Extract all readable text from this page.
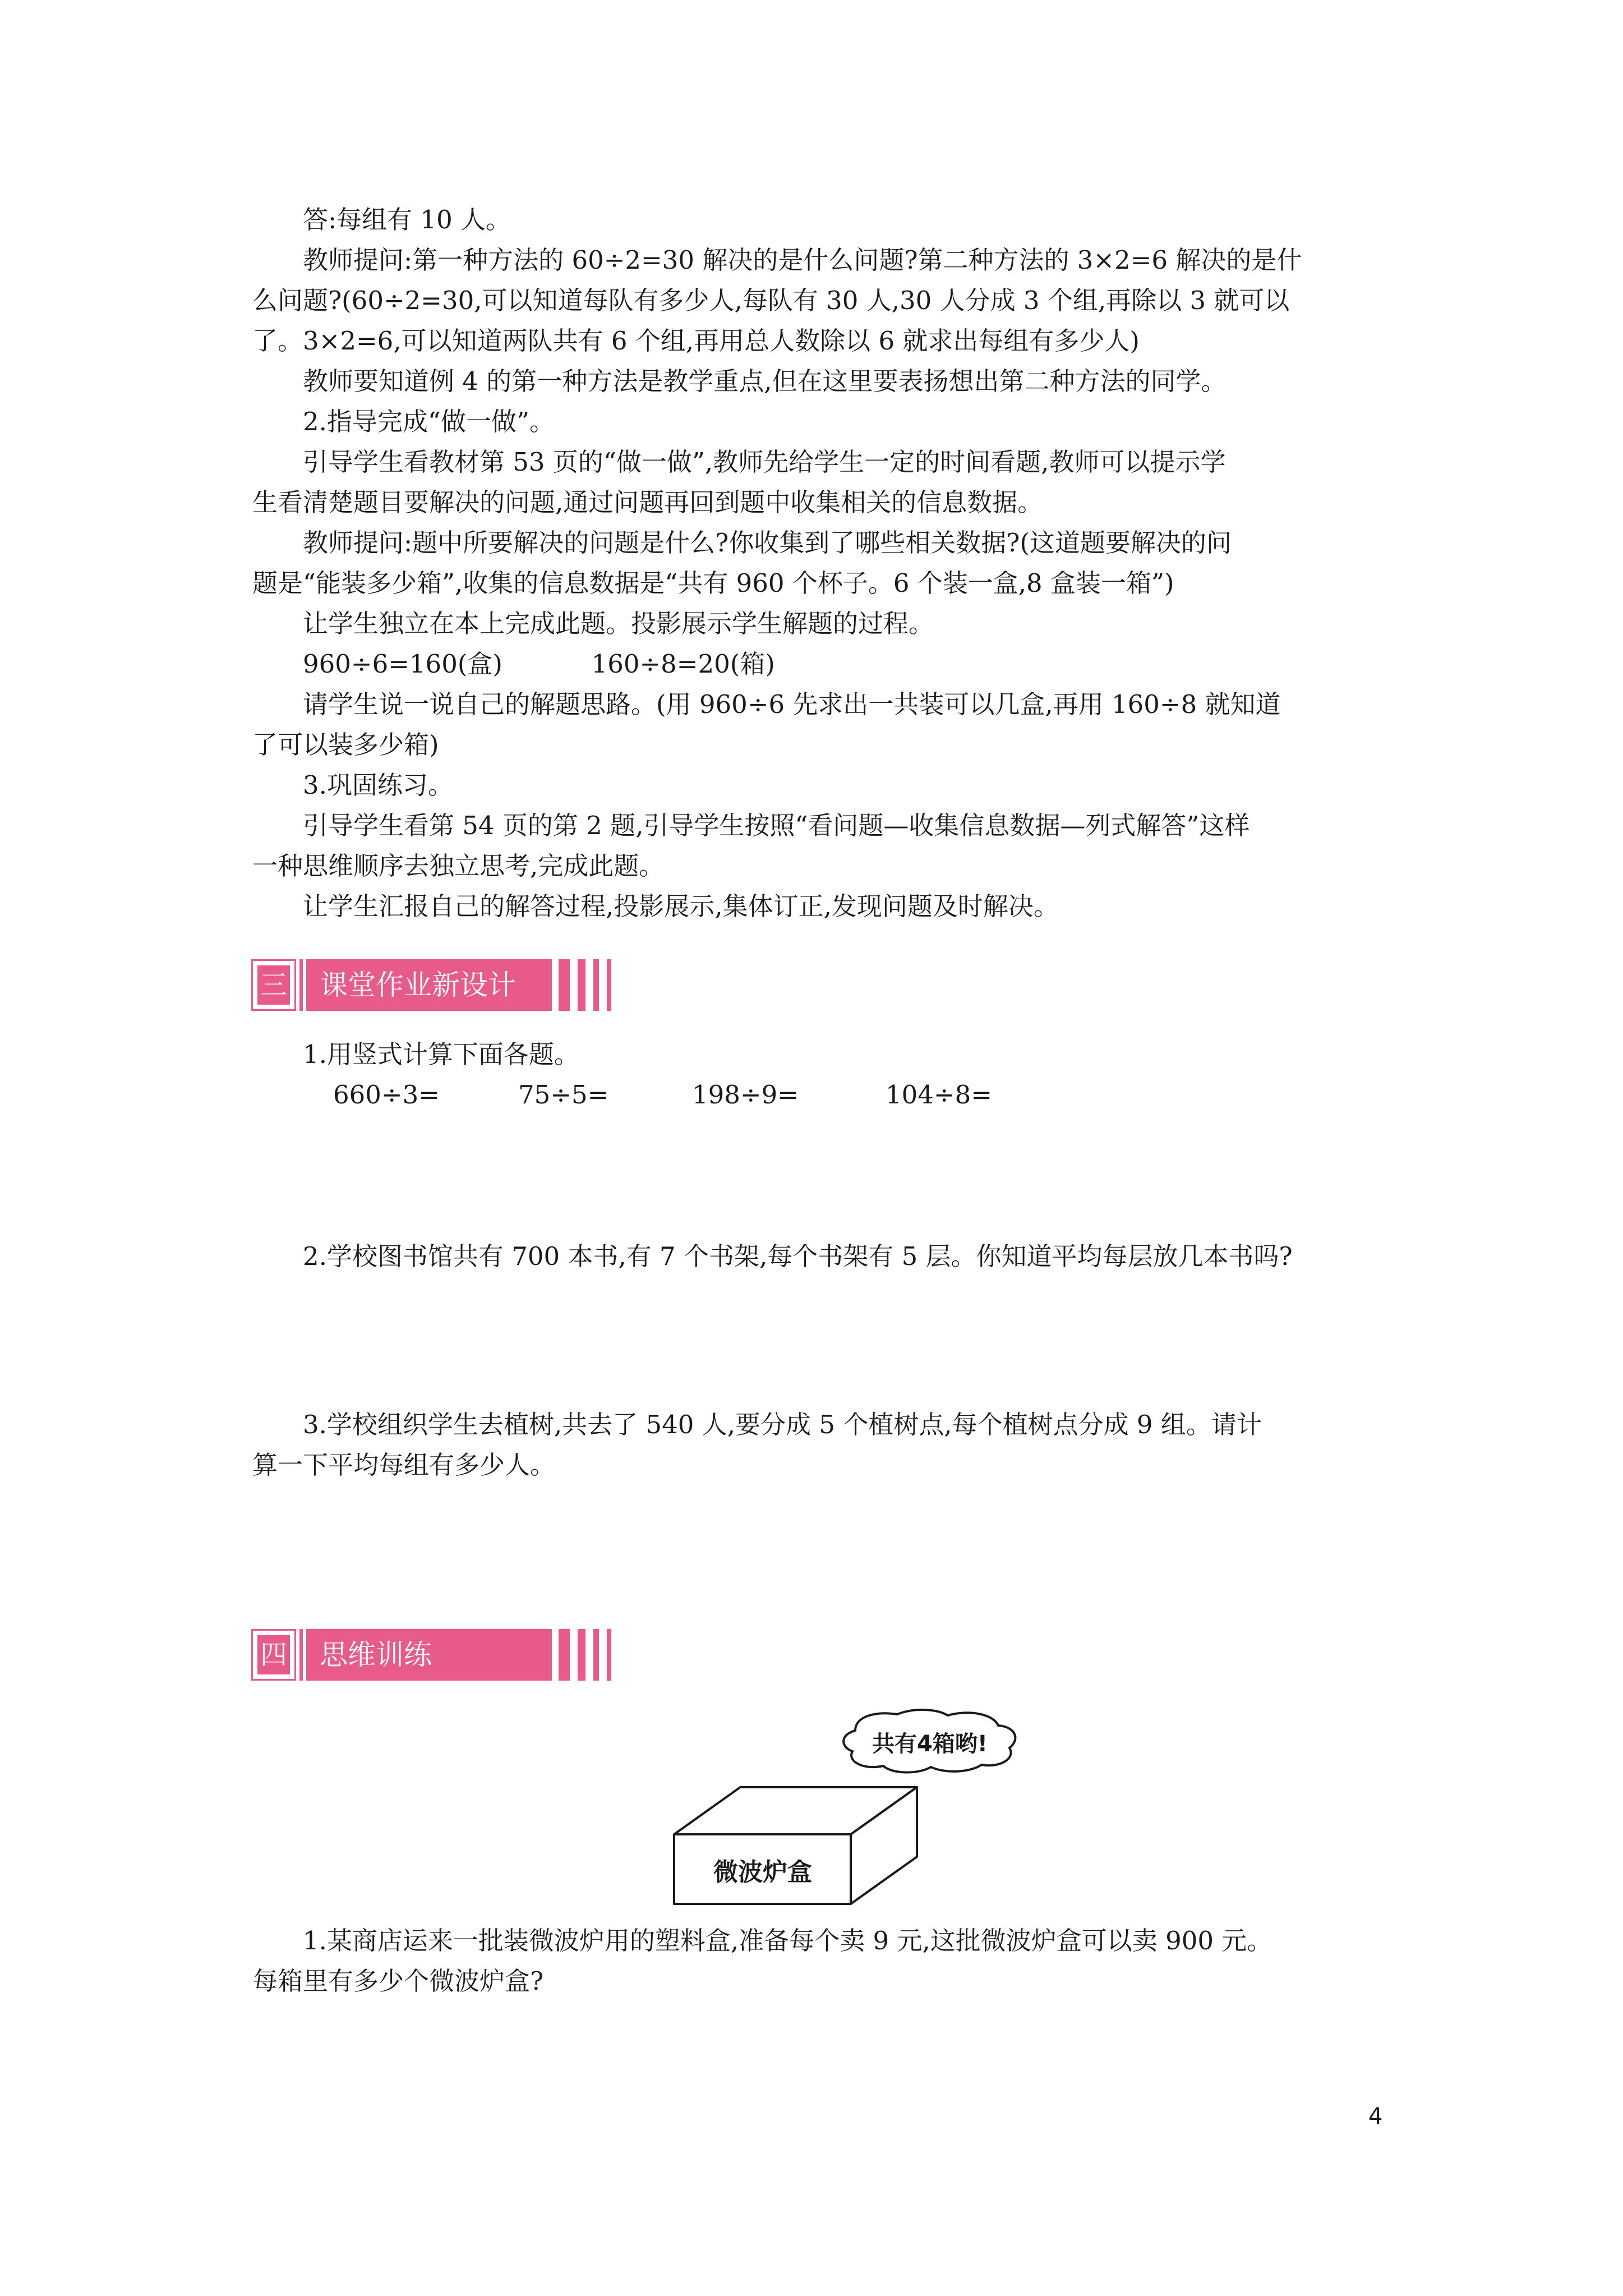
答:每组有 10 人。
教师提问:第一种方法的 60÷2=30 解决的是什么问题?第二种方法的 3×2=6 解决的是什
么问题?(60÷2=30,可以知道每队有多少人,每队有 30 人,30 人分成 3 个组,再除以 3 就可以
了。3×2=6,可以知道两队共有 6 个组,再用总人数除以 6 就求出每组有多少人)
教师要知道例 4 的第一种方法是教学重点,但在这里要表扬想出第二种方法的同学。
2.指导完成“做一做”。
引导学生看教材第 53 页的“做一做”,教师先给学生一定的时间看题,教师可以提示学
生看清楚题目要解决的问题,通过问题再回到题中收集相关的信息数据。
教师提问:题中所要解决的问题是什么?你收集到了哪些相关数据?(这道题要解决的问
题是“能装多少箱”,收集的信息数据是“共有 960 个杯子。6 个装一盒,8 盒装一箱”)
让学生独立在本上完成此题。投影展示学生解题的过程。
960÷6=160(盒)	160÷8=20(箱)
请学生说一说自己的解题思路。(用 960÷6 先求出一共装可以几盒,再用 160÷8 就知道
了可以装多少箱)
3.巩固练习。
引导学生看第 54 页的第 2 题,引导学生按照“看问题—收集信息数据—列式解答”这样
一种思维顺序去独立思考,完成此题。
让学生汇报自己的解答过程,投影展示,集体订正,发现问题及时解决。
三 课堂作业新设计
1.用竖式计算下面各题。
660÷3=	75÷5=	198÷9=	104÷8=
2.学校图书馆共有 700 本书,有 7 个书架,每个书架有 5 层。你知道平均每层放几本书吗?
3.学校组织学生去植树,共去了 540 人,要分成 5 个植树点,每个植树点分成 9 组。请计
算一下平均每组有多少人。
四 思维训练
共有4箱哟!
微波炉盒
1.某商店运来一批装微波炉用的塑料盒,准备每个卖 9 元,这批微波炉盒可以卖 900 元。
每箱里有多少个微波炉盒?
4
